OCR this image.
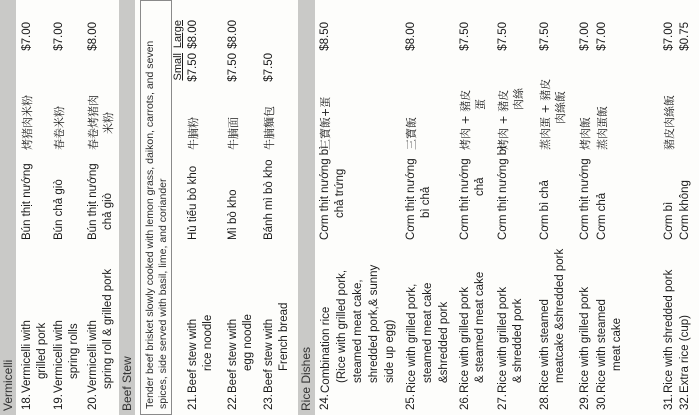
Vermicelli 18.
Vermicelli with grilled pork
Bún thịt nướng
烤猪肉米粉
$7.00
19.
Vermicelli with spring rolls
Bún chả giò
春卷米粉
$7.00
20.
Vermicelli with spring roll & grilled pork
Bún thịt nướng chả giò
春卷烤猪肉 米粉
$8.00
Beef Stew Tender beef brisket slowly cooked with lemon grass, daikon, carrots, and seven spices, side served with basil, lime, and coriander
Small
Large
21.
Beef stew with rice noodle
Hủ tiếu bò kho
牛腩粉
$7.50
$8.00
22.
Beef stew with egg noodle
Mì bò kho
牛腩面
$7.50
$8.00
23.
Beef stew with French bread
Bánh mì bò kho
牛腩麵包
$7.50
Rice Dishes 24.
Combination rice (Rice with grilled pork, steamed meat cake, shredded pork,& sunny side up egg)
Cơm thịt nướng bì chả trứng
三寶飯+蛋
$8.50
25.
Rice with grilled pork, steamed meat cake &shredded pork
Cơm thịt nướng bì chả
三寶飯
$8.00
26.
Rice with grilled pork & steamed meat cake
Cơm thịt nướng chả
烤肉 + 豬皮 蛋
$7.50
27.
Rice with grilled pork & shredded pork
Cơm thịt nướng bì
烤肉 + 豬皮 肉絲
$7.50
28.
Rice with steamed meatcake &shredded pork
Cơm bì chả
蒸肉蛋 + 豬皮 肉絲飯
$7.50
29.
Rice with grilled pork
Cơm thịt nướng
烤肉飯
$7.00
30.
Rice with steamed meat cake
Cơm chả
蒸肉蛋飯
$7.00
31.
Rice with shredded pork
Cơm bì
豬皮肉絲飯
$7.00
32.
Extra rice (cup)
Cơm không
$0.75
